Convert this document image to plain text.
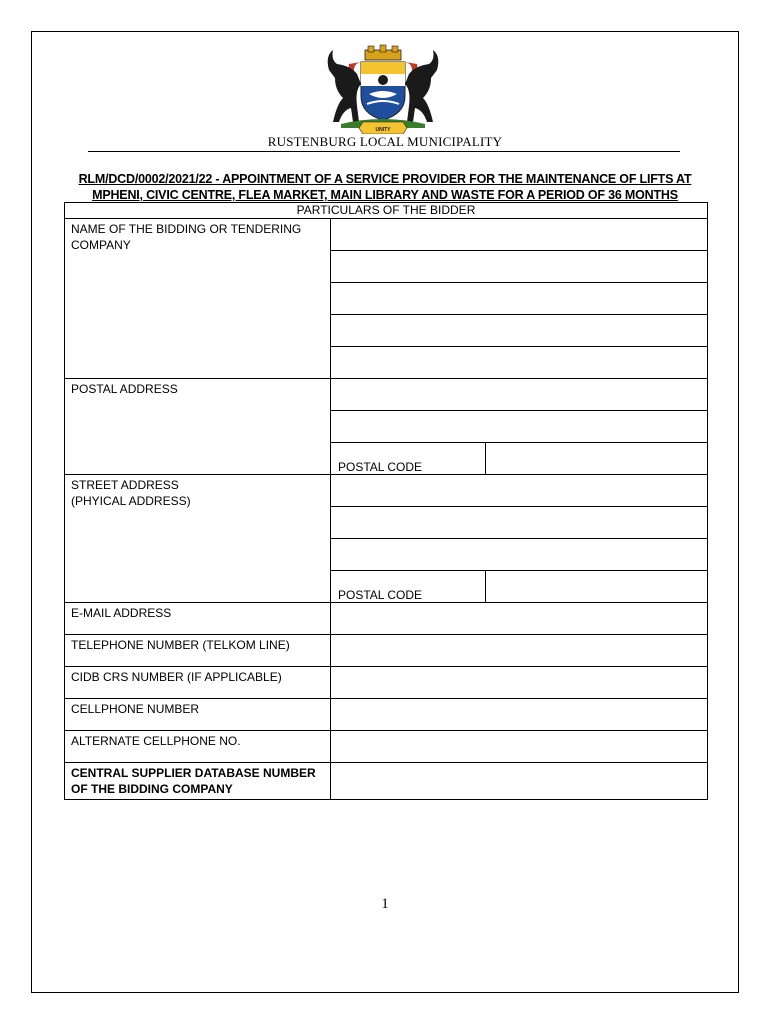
UNITY
RUSTENBURG LOCAL MUNICIPALITY
RLM/DCD/0002/2021/22 - APPOINTMENT OF A SERVICE PROVIDER FOR THE MAINTENANCE OF LIFTS AT
MPHENI, CIVIC CENTRE, FLEA MARKET, MAIN LIBRARY AND WASTE FOR A PERIOD OF 36 MONTHS
PARTICULARS OF THE BIDDER		
NAME OF THE BIDDING OR TENDERING COMPANY		

POSTAL ADDRESS		

	POSTAL CODE	

STREET ADDRESS
(PHYICAL ADDRESS)		

	POSTAL CODE	
E-MAIL ADDRESS		
TELEPHONE NUMBER (TELKOM LINE)		
CIDB CRS NUMBER (IF APPLICABLE)		
CELLPHONE NUMBER		
ALTERNATE CELLPHONE NO.		
CENTRAL SUPPLIER DATABASE NUMBER OF THE BIDDING COMPANY		
1
